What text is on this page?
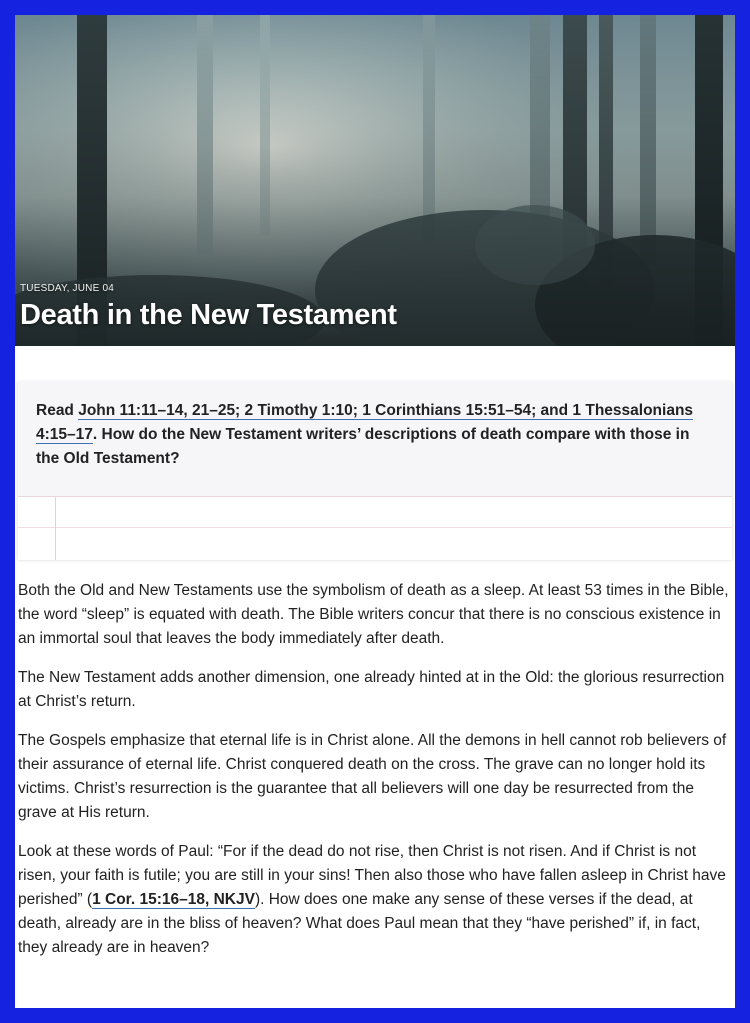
TUESDAY, JUNE 04
Death in the New Testament
Read John 11:11–14, 21–25; 2 Timothy 1:10; 1 Corinthians 15:51–54; and 1 Thessalonians 4:15–17. How do the New Testament writers’ descriptions of death compare with those in the Old Testament?

Both the Old and New Testaments use the symbolism of death as a sleep. At least 53 times in the Bible, the word “sleep” is equated with death. The Bible writers concur that there is no conscious existence in an immortal soul that leaves the body immediately after death.

The New Testament adds another dimension, one already hinted at in the Old: the glorious resurrection at Christ’s return.

The Gospels emphasize that eternal life is in Christ alone. All the demons in hell cannot rob believers of their assurance of eternal life. Christ conquered death on the cross. The grave can no longer hold its victims. Christ’s resurrection is the guarantee that all believers will one day be resurrected from the grave at His return.

Look at these words of Paul: “For if the dead do not rise, then Christ is not risen. And if Christ is not risen, your faith is futile; you are still in your sins! Then also those who have fallen asleep in Christ have perished” (1 Cor. 15:16–18, NKJV). How does one make any sense of these verses if the dead, at death, already are in the bliss of heaven? What does Paul mean that they “have perished” if, in fact, they already are in heaven?
